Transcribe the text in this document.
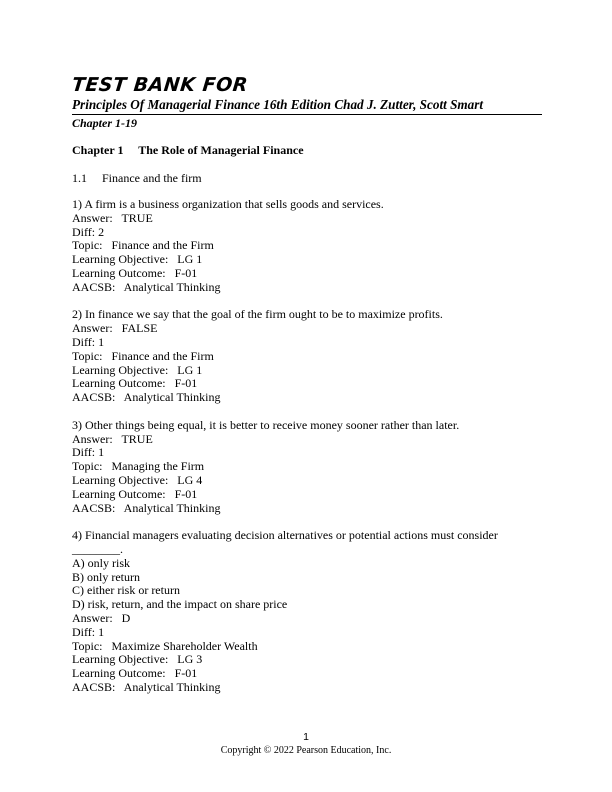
TEST BANK FOR
Principles Of Managerial Finance 16th Edition Chad J. Zutter, Scott Smart
Chapter 1-19
Chapter 1     The Role of Managerial Finance
1.1     Finance and the firm
1) A firm is a business organization that sells goods and services.
Answer:   TRUE
Diff: 2
Topic:   Finance and the Firm
Learning Objective:   LG 1
Learning Outcome:   F-01
AACSB:   Analytical Thinking
2) In finance we say that the goal of the firm ought to be to maximize profits.
Answer:   FALSE
Diff: 1
Topic:   Finance and the Firm
Learning Objective:   LG 1
Learning Outcome:   F-01
AACSB:   Analytical Thinking
3) Other things being equal, it is better to receive money sooner rather than later.
Answer:   TRUE
Diff: 1
Topic:   Managing the Firm
Learning Objective:   LG 4
Learning Outcome:   F-01
AACSB:   Analytical Thinking
4) Financial managers evaluating decision alternatives or potential actions must consider
________.
A) only risk
B) only return
C) either risk or return
D) risk, return, and the impact on share price
Answer:   D
Diff: 1
Topic:   Maximize Shareholder Wealth
Learning Objective:   LG 3
Learning Outcome:   F-01
AACSB:   Analytical Thinking
1
Copyright © 2022 Pearson Education, Inc.
